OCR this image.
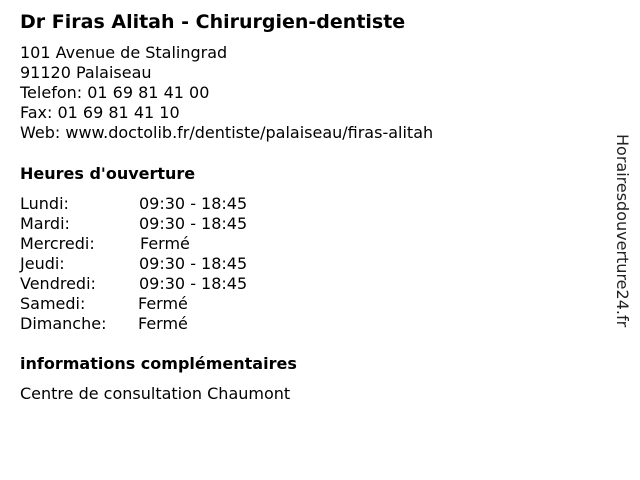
Dr Firas Alitah - Chirurgien-dentiste
101 Avenue de Stalingrad
91120 Palaiseau
Telefon: 01 69 81 41 00
Fax: 01 69 81 41 10
Web: www.doctolib.fr/dentiste/palaiseau/firas-alitah
Heures d'ouverture
Lundi:	09:30 - 18:45
Mardi:	09:30 - 18:45
Mercredi:	Fermé
Jeudi:	09:30 - 18:45
Vendredi:	09:30 - 18:45
Samedi:	Fermé
Dimanche:	Fermé
informations complémentaires
Centre de consultation Chaumont
Horairesdouverture24.fr
